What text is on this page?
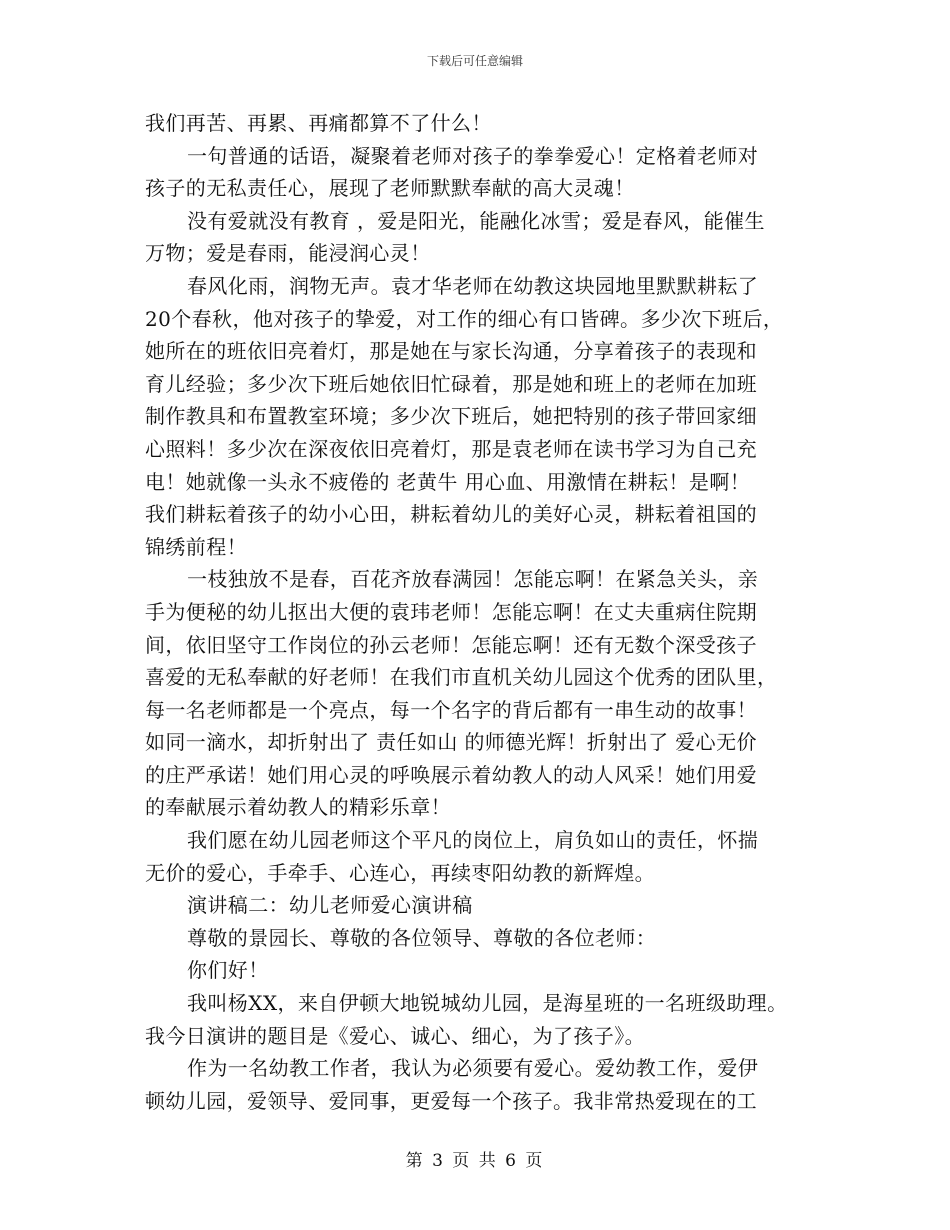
下载后可任意编辑
我们再苦、再累、再痛都算不了什么！
一句普通的话语，凝聚着老师对孩子的拳拳爱心！定格着老师对
孩子的无私责任心，展现了老师默默奉献的高大灵魂！
没有爱就没有教育 ，爱是阳光，能融化冰雪；爱是春风，能催生
万物；爱是春雨，能浸润心灵！
春风化雨，润物无声。袁才华老师在幼教这块园地里默默耕耘了
20个春秋，他对孩子的挚爱，对工作的细心有口皆碑。多少次下班后，
她所在的班依旧亮着灯，那是她在与家长沟通，分享着孩子的表现和
育儿经验；多少次下班后她依旧忙碌着，那是她和班上的老师在加班
制作教具和布置教室环境；多少次下班后，她把特别的孩子带回家细
心照料！多少次在深夜依旧亮着灯，那是袁老师在读书学习为自己充
电！她就像一头永不疲倦的 老黄牛 用心血、用激情在耕耘！是啊！
我们耕耘着孩子的幼小心田，耕耘着幼儿的美好心灵，耕耘着祖国的
锦绣前程！
一枝独放不是春，百花齐放春满园！怎能忘啊！在紧急关头，亲
手为便秘的幼儿抠出大便的袁玮老师！怎能忘啊！在丈夫重病住院期
间，依旧坚守工作岗位的孙云老师！怎能忘啊！还有无数个深受孩子
喜爱的无私奉献的好老师！在我们市直机关幼儿园这个优秀的团队里，
每一名老师都是一个亮点，每一个名字的背后都有一串生动的故事！
如同一滴水，却折射出了 责任如山 的师德光辉！折射出了 爱心无价
的庄严承诺！她们用心灵的呼唤展示着幼教人的动人风采！她们用爱
的奉献展示着幼教人的精彩乐章！
我们愿在幼儿园老师这个平凡的岗位上，肩负如山的责任，怀揣
无价的爱心，手牵手、心连心，再续枣阳幼教的新辉煌。
演讲稿二：幼儿老师爱心演讲稿
尊敬的景园长、尊敬的各位领导、尊敬的各位老师：
你们好！
我叫杨XX，来自伊顿大地锐城幼儿园，是海星班的一名班级助理。
我今日演讲的题目是《爱心、诚心、细心，为了孩子》。
作为一名幼教工作者，我认为必须要有爱心。爱幼教工作，爱伊
顿幼儿园，爱领导、爱同事，更爱每一个孩子。我非常热爱现在的工
第 3 页 共 6 页
